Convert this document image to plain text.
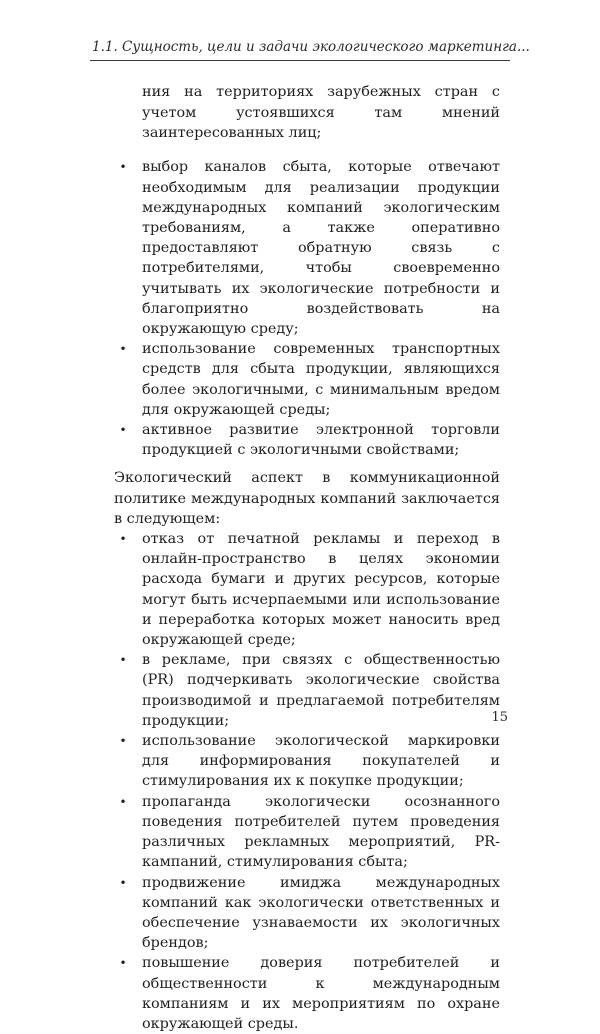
1.1. Сущность, цели и задачи экологического маркетинга...

ния на территориях зарубежных стран с учетом устоявшихся там мнений заинтересованных лиц;

• выбор каналов сбыта, которые отвечают необходимым для реализации продукции международных компаний экологическим требованиям, а также оперативно предоставляют обратную связь с потребителями, чтобы своевременно учитывать их экологические потребности и благоприятно воздействовать на окружающую среду;
• использование современных транспортных средств для сбыта продукции, являющихся более экологичными, с минимальным вредом для окружающей среды;
• активное развитие электронной торговли продукцией с экологичными свойствами;

Экологический аспект в коммуникационной политике международных компаний заключается в следующем:

• отказ от печатной рекламы и переход в онлайн-пространство в целях экономии расхода бумаги и других ресурсов, которые могут быть исчерпаемыми или использование и переработка которых может наносить вред окружающей среде;
• в рекламе, при связях с общественностью (PR) подчеркивать экологические свойства производимой и предлагаемой потребителям продукции;
• использование экологической маркировки для информирования покупателей и стимулирования их к покупке продукции;
• пропаганда экологически осознанного поведения потребителей путем проведения различных рекламных мероприятий, PR-кампаний, стимулирования сбыта;
• продвижение имиджа международных компаний как экологически ответственных и обеспечение узнаваемости их экологичных брендов;
• повышение доверия потребителей и общественности к международным компаниям и их мероприятиям по охране окружающей среды.
15
